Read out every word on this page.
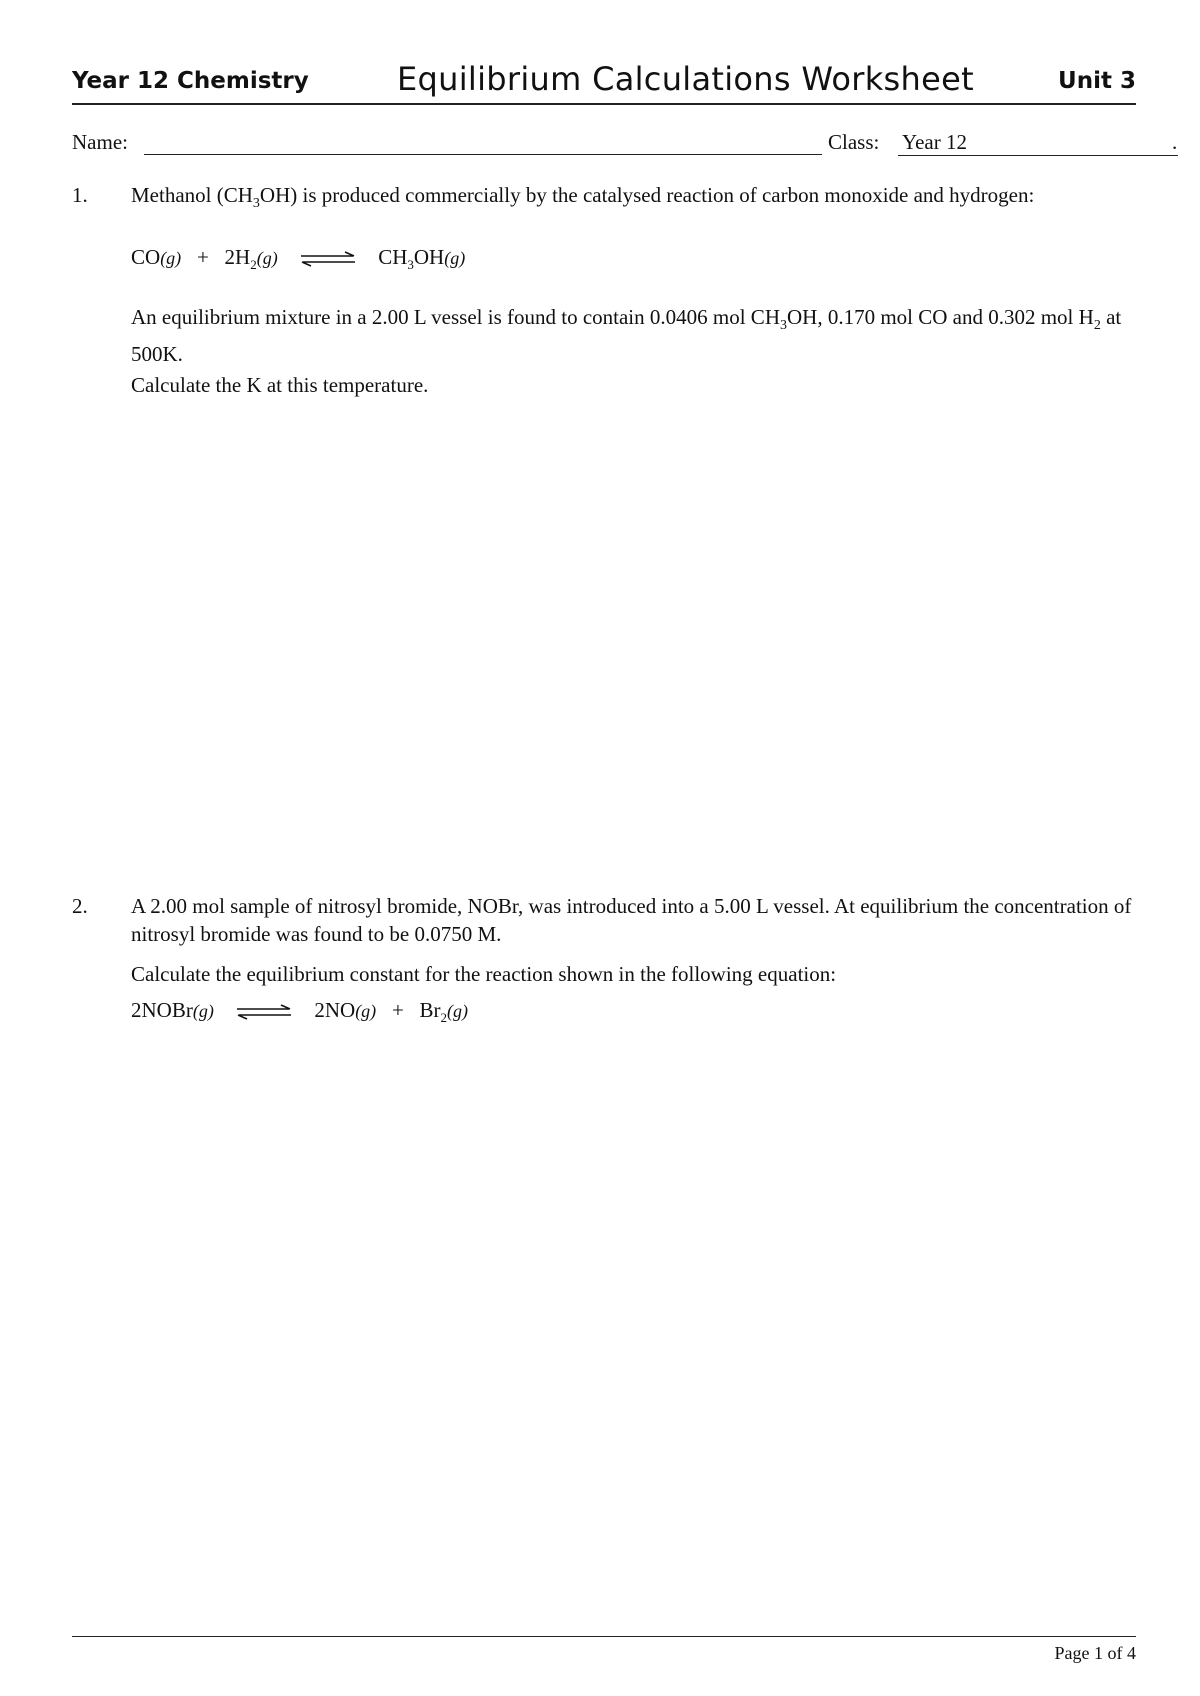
Year 12 Chemistry	Equilibrium Calculations Worksheet	Unit 3
Name:	Class: Year 12	.
1. Methanol $(CH_3OH)$ is produced commercially by the catalysed reaction of carbon monoxide and hydrogen:
$CO(g) + 2H_2(g)$ ⇌ $CH_3OH(g)$
An equilibrium mixture in a 2.00 L vessel is found to contain 0.0406 mol $CH_3OH$, 0.170 mol CO and 0.302 mol $H_2$ at 500K.
Calculate the K at this temperature.
2. A 2.00 mol sample of nitrosyl bromide, NOBr, was introduced into a 5.00 L vessel. At equilibrium the concentration of nitrosyl bromide was found to be 0.0750 M.
Calculate the equilibrium constant for the reaction shown in the following equation:
2NOBr(g) ⇌ $2NO(g) + Br_2(g)$
Page 1 of 4
